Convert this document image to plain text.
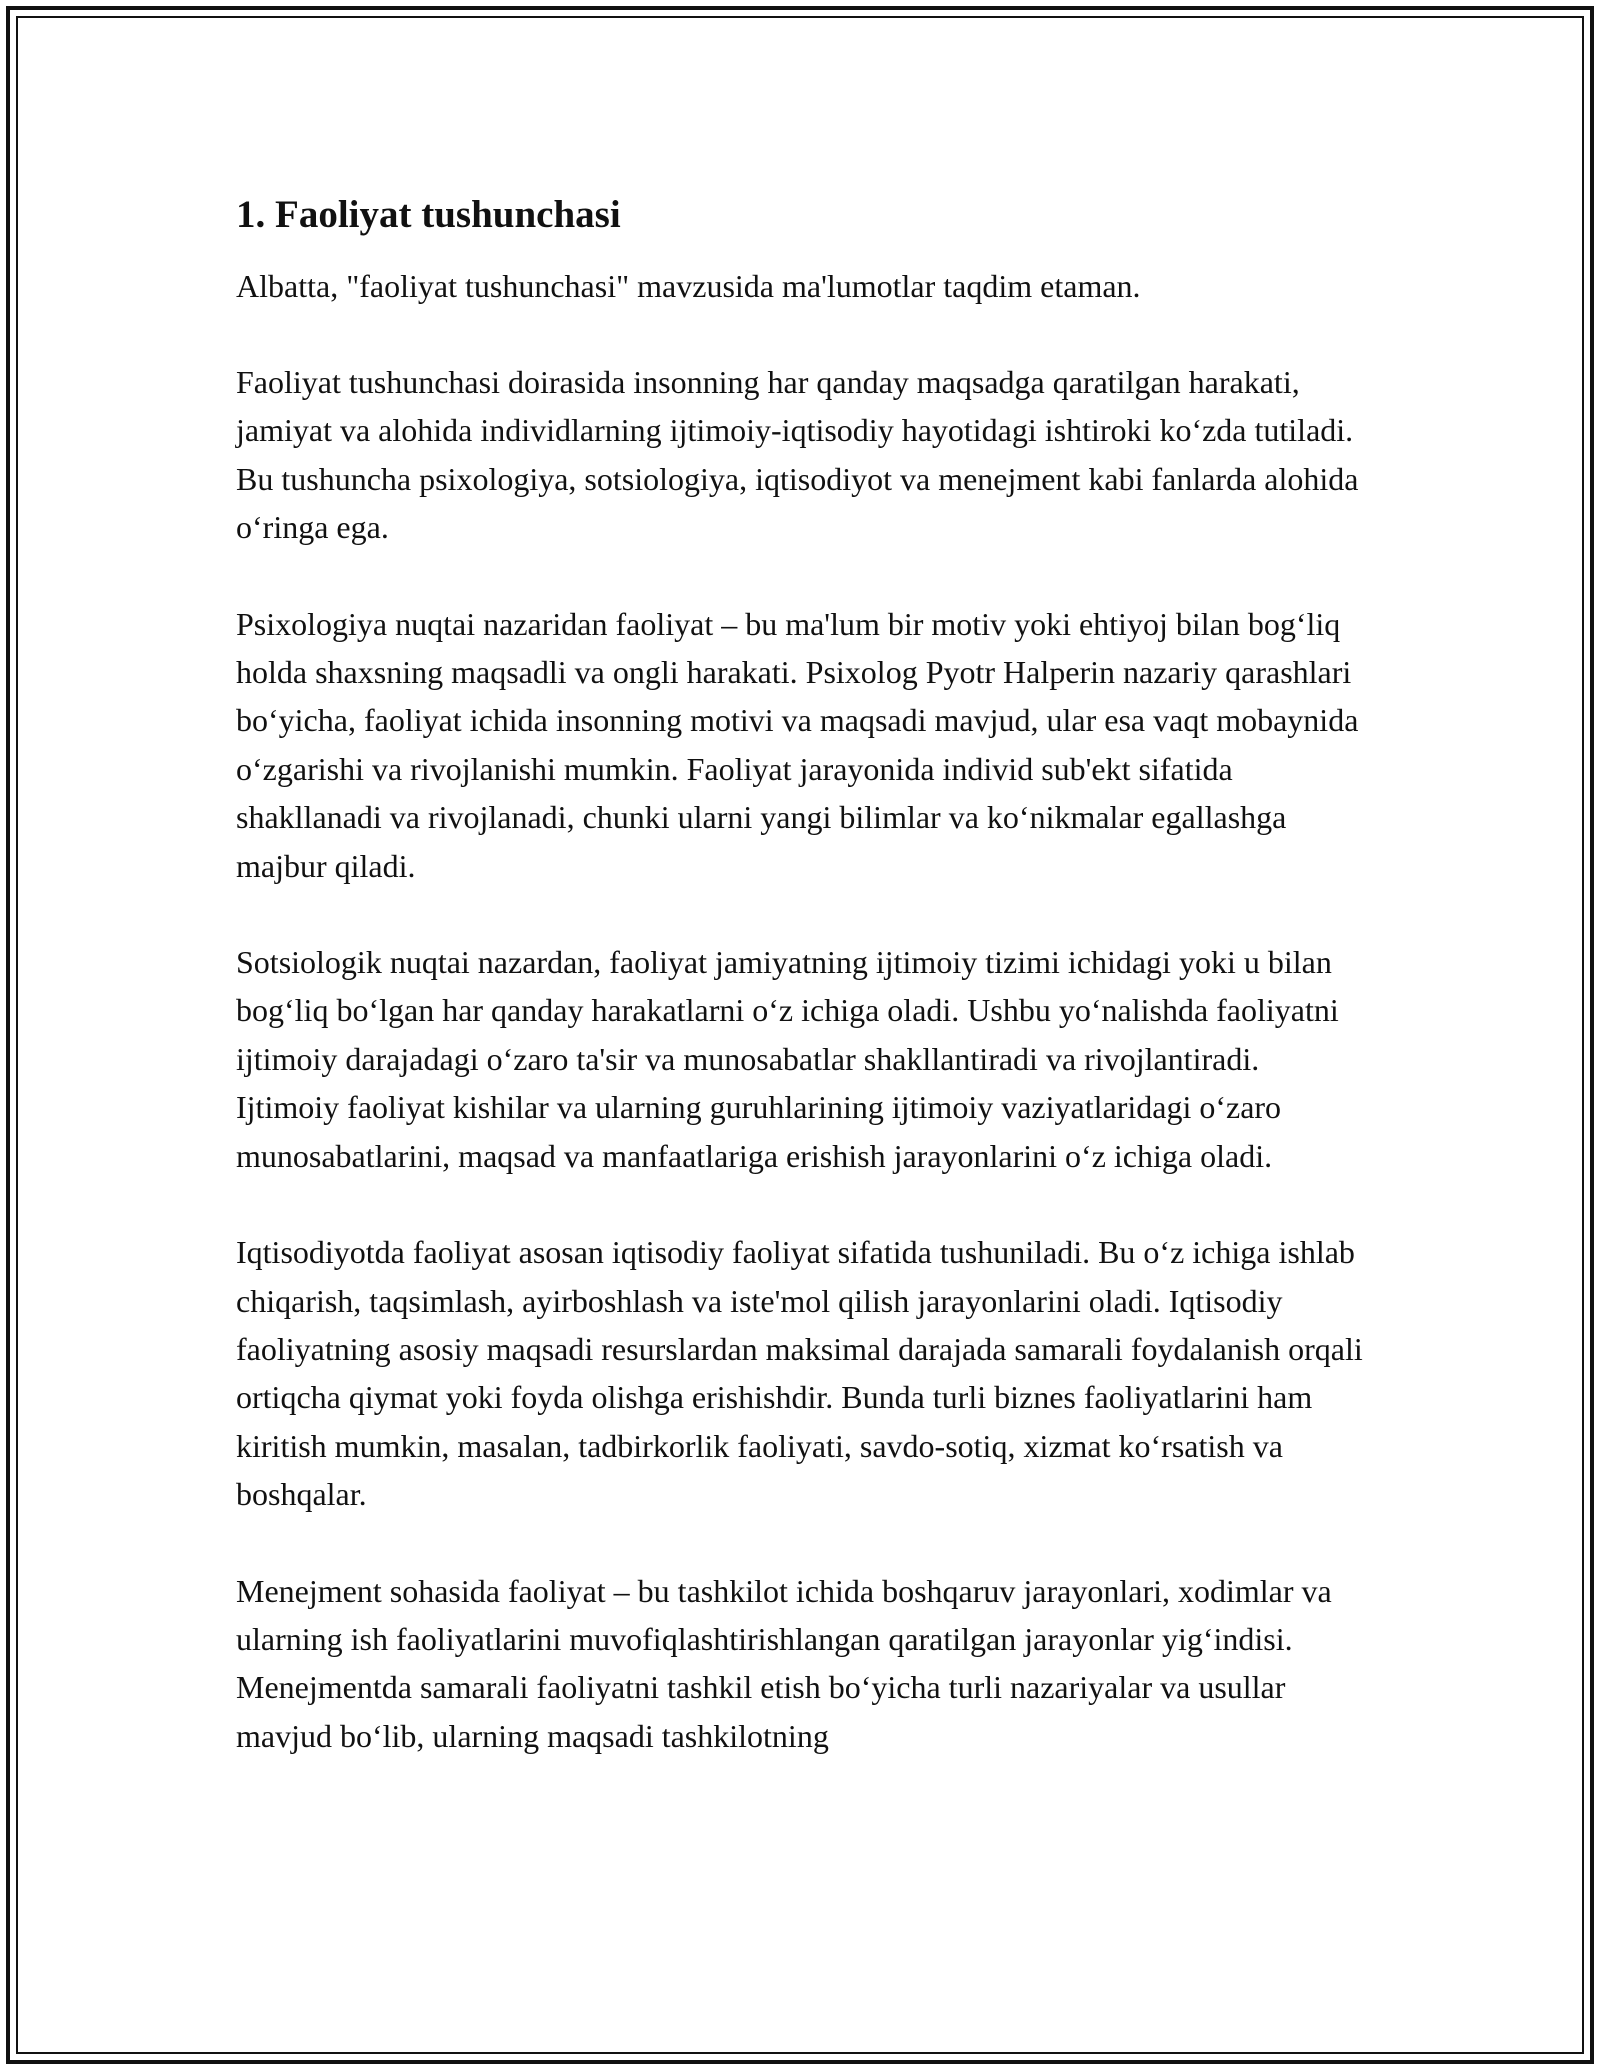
1. Faoliyat tushunchasi

Albatta, "faoliyat tushunchasi" mavzusida ma'lumotlar taqdim etaman.

Faoliyat tushunchasi doirasida insonning har qanday maqsadga qaratilgan harakati, jamiyat va alohida individlarning ijtimoiy-iqtisodiy hayotidagi ishtiroki koʻzda tutiladi. Bu tushuncha psixologiya, sotsiologiya, iqtisodiyot va menejment kabi fanlarda alohida oʻringa ega.

Psixologiya nuqtai nazaridan faoliyat – bu ma'lum bir motiv yoki ehtiyoj bilan bogʻliq holda shaxsning maqsadli va ongli harakati. Psixolog Pyotr Halperin nazariy qarashlari boʻyicha, faoliyat ichida insonning motivi va maqsadi mavjud, ular esa vaqt mobaynida oʻzgarishi va rivojlanishi mumkin. Faoliyat jarayonida individ sub'ekt sifatida shakllanadi va rivojlanadi, chunki ularni yangi bilimlar va koʻnikmalar egallashga majbur qiladi.

Sotsiologik nuqtai nazardan, faoliyat jamiyatning ijtimoiy tizimi ichidagi yoki u bilan bogʻliq boʻlgan har qanday harakatlarni oʻz ichiga oladi. Ushbu yoʻnalishda faoliyatni ijtimoiy darajadagi oʻzaro ta'sir va munosabatlar shakllantiradi va rivojlantiradi. Ijtimoiy faoliyat kishilar va ularning guruhlarining ijtimoiy vaziyatlaridagi oʻzaro munosabatlarini, maqsad va manfaatlariga erishish jarayonlarini oʻz ichiga oladi.

Iqtisodiyotda faoliyat asosan iqtisodiy faoliyat sifatida tushuniladi. Bu oʻz ichiga ishlab chiqarish, taqsimlash, ayirboshlash va iste'mol qilish jarayonlarini oladi. Iqtisodiy faoliyatning asosiy maqsadi resurslardan maksimal darajada samarali foydalanish orqali ortiqcha qiymat yoki foyda olishga erishishdir. Bunda turli biznes faoliyatlarini ham kiritish mumkin, masalan, tadbirkorlik faoliyati, savdo-sotiq, xizmat koʻrsatish va boshqalar.

Menejment sohasida faoliyat – bu tashkilot ichida boshqaruv jarayonlari, xodimlar va ularning ish faoliyatlarini muvofiqlashtirishlangan qaratilgan jarayonlar yigʻindisi. Menejmentda samarali faoliyatni tashkil etish boʻyicha turli nazariyalar va usullar mavjud boʻlib, ularning maqsadi tashkilotning
